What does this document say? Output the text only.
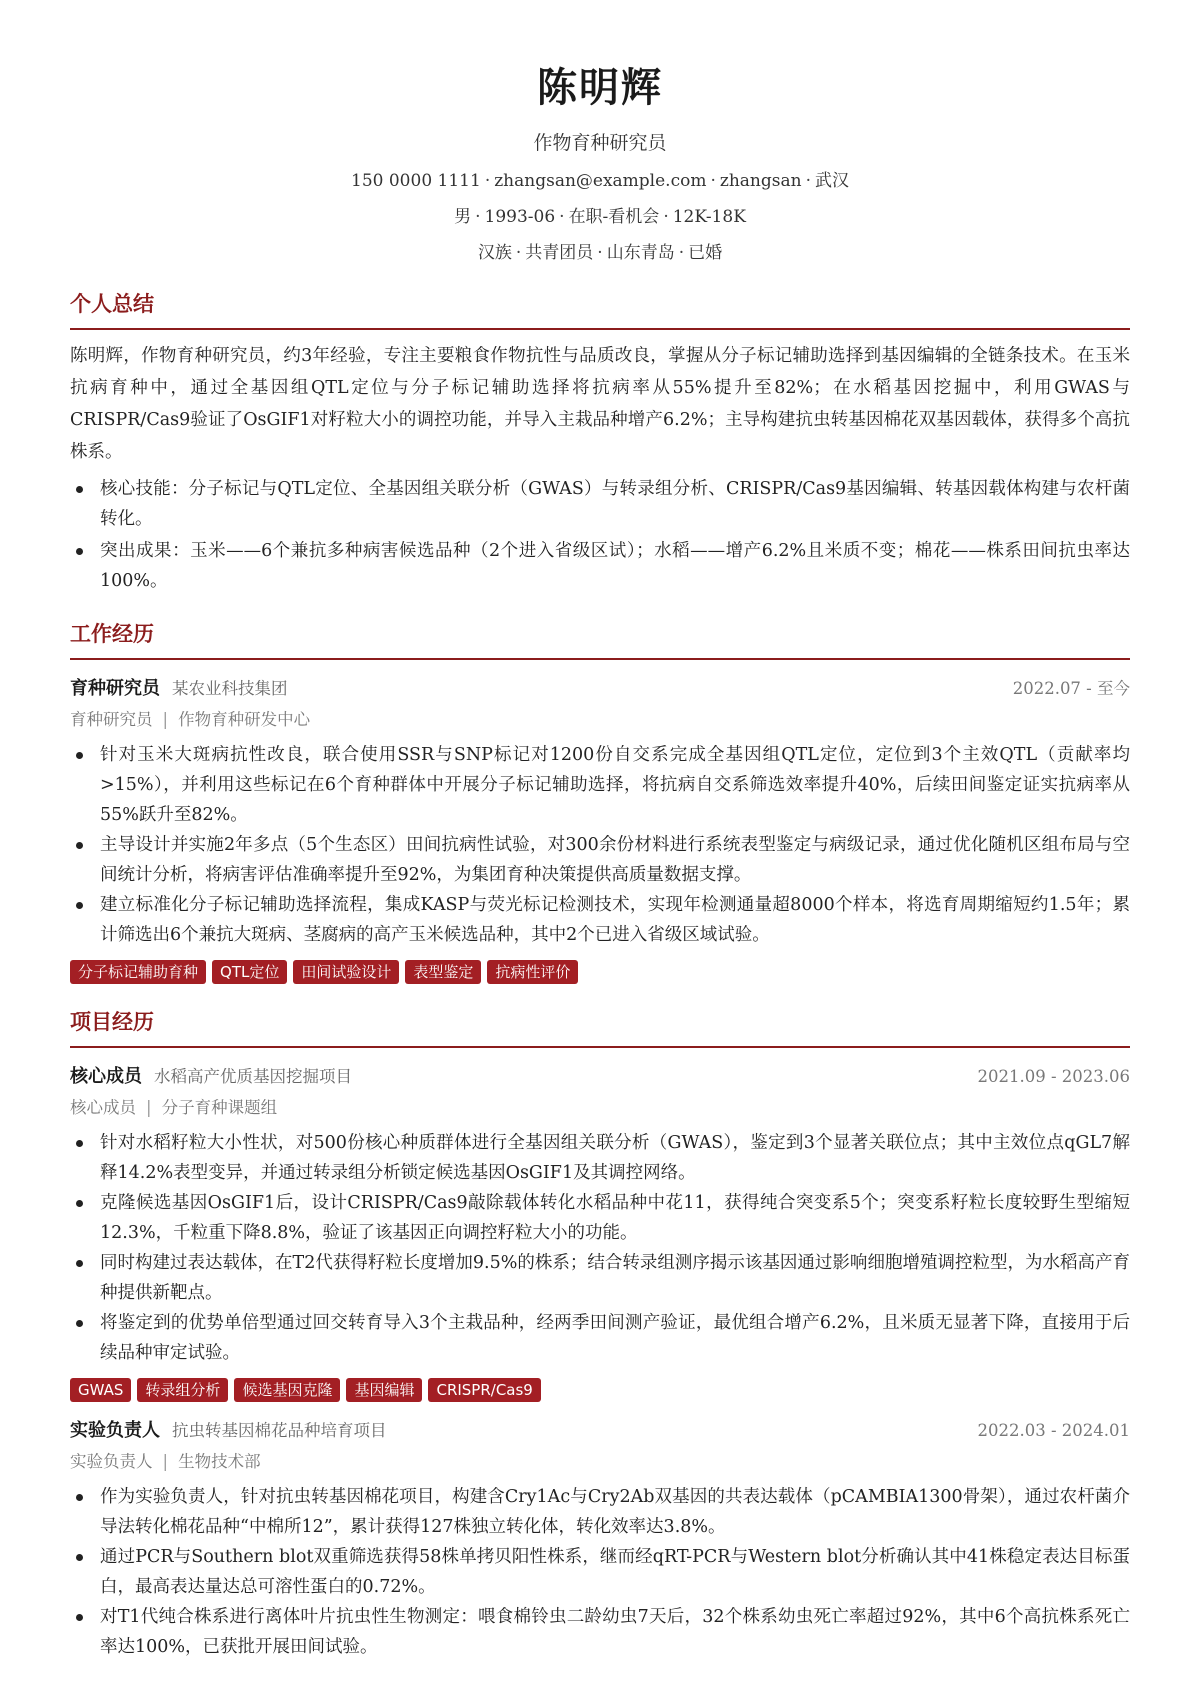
陈明辉
作物育种研究员
150 0000 1111 · zhangsan@example.com · zhangsan · 武汉
男 · 1993-06 · 在职-看机会 · 12K-18K
汉族 · 共青团员 · 山东青岛 · 已婚
个人总结
陈明辉，作物育种研究员，约3年经验，专注主要粮食作物抗性与品质改良，掌握从分子标记辅助选择到基因编辑的全链条技术。在玉米抗病育种中，通过全基因组QTL定位与分子标记辅助选择将抗病率从55%提升至82%；在水稻基因挖掘中，利用GWAS与CRISPR/Cas9验证了OsGIF1对籽粒大小的调控功能，并导入主栽品种增产6.2%；主导构建抗虫转基因棉花双基因载体，获得多个高抗株系。
核心技能：分子标记与QTL定位、全基因组关联分析（GWAS）与转录组分析、CRISPR/Cas9基因编辑、转基因载体构建与农杆菌转化。
突出成果：玉米——6个兼抗多种病害候选品种（2个进入省级区试）；水稻——增产6.2%且米质不变；棉花——株系田间抗虫率达100%。
工作经历
育种研究员 某农业科技集团	2022.07 - 至今
育种研究员 | 作物育种研发中心
针对玉米大斑病抗性改良，联合使用SSR与SNP标记对1200份自交系完成全基因组QTL定位，定位到3个主效QTL（贡献率均>15%），并利用这些标记在6个育种群体中开展分子标记辅助选择，将抗病自交系筛选效率提升40%，后续田间鉴定证实抗病率从55%跃升至82%。
主导设计并实施2年多点（5个生态区）田间抗病性试验，对300余份材料进行系统表型鉴定与病级记录，通过优化随机区组布局与空间统计分析，将病害评估准确率提升至92%，为集团育种决策提供高质量数据支撑。
建立标准化分子标记辅助选择流程，集成KASP与荧光标记检测技术，实现年检测通量超8000个样本，将选育周期缩短约1.5年；累计筛选出6个兼抗大斑病、茎腐病的高产玉米候选品种，其中2个已进入省级区域试验。
分子标记辅助育种	QTL定位	田间试验设计	表型鉴定	抗病性评价
项目经历
核心成员 水稻高产优质基因挖掘项目	2021.09 - 2023.06
核心成员 | 分子育种课题组
针对水稻籽粒大小性状，对500份核心种质群体进行全基因组关联分析（GWAS），鉴定到3个显著关联位点；其中主效位点qGL7解释14.2%表型变异，并通过转录组分析锁定候选基因OsGIF1及其调控网络。
克隆候选基因OsGIF1后，设计CRISPR/Cas9敲除载体转化水稻品种中花11，获得纯合突变系5个；突变系籽粒长度较野生型缩短12.3%，千粒重下降8.8%，验证了该基因正向调控籽粒大小的功能。
同时构建过表达载体，在T2代获得籽粒长度增加9.5%的株系；结合转录组测序揭示该基因通过影响细胞增殖调控粒型，为水稻高产育种提供新靶点。
将鉴定到的优势单倍型通过回交转育导入3个主栽品种，经两季田间测产验证，最优组合增产6.2%，且米质无显著下降，直接用于后续品种审定试验。
GWAS	转录组分析	候选基因克隆	基因编辑	CRISPR/Cas9
实验负责人 抗虫转基因棉花品种培育项目	2022.03 - 2024.01
实验负责人 | 生物技术部
作为实验负责人，针对抗虫转基因棉花项目，构建含Cry1Ac与Cry2Ab双基因的共表达载体（pCAMBIA1300骨架），通过农杆菌介导法转化棉花品种“中棉所12”，累计获得127株独立转化体，转化效率达3.8%。
通过PCR与Southern blot双重筛选获得58株单拷贝阳性株系，继而经qRT-PCR与Western blot分析确认其中41株稳定表达目标蛋白，最高表达量达总可溶性蛋白的0.72%。
对T1代纯合株系进行离体叶片抗虫性生物测定：喂食棉铃虫二龄幼虫7天后，32个株系幼虫死亡率超过92%，其中6个高抗株系死亡率达100%，已获批开展田间试验。
